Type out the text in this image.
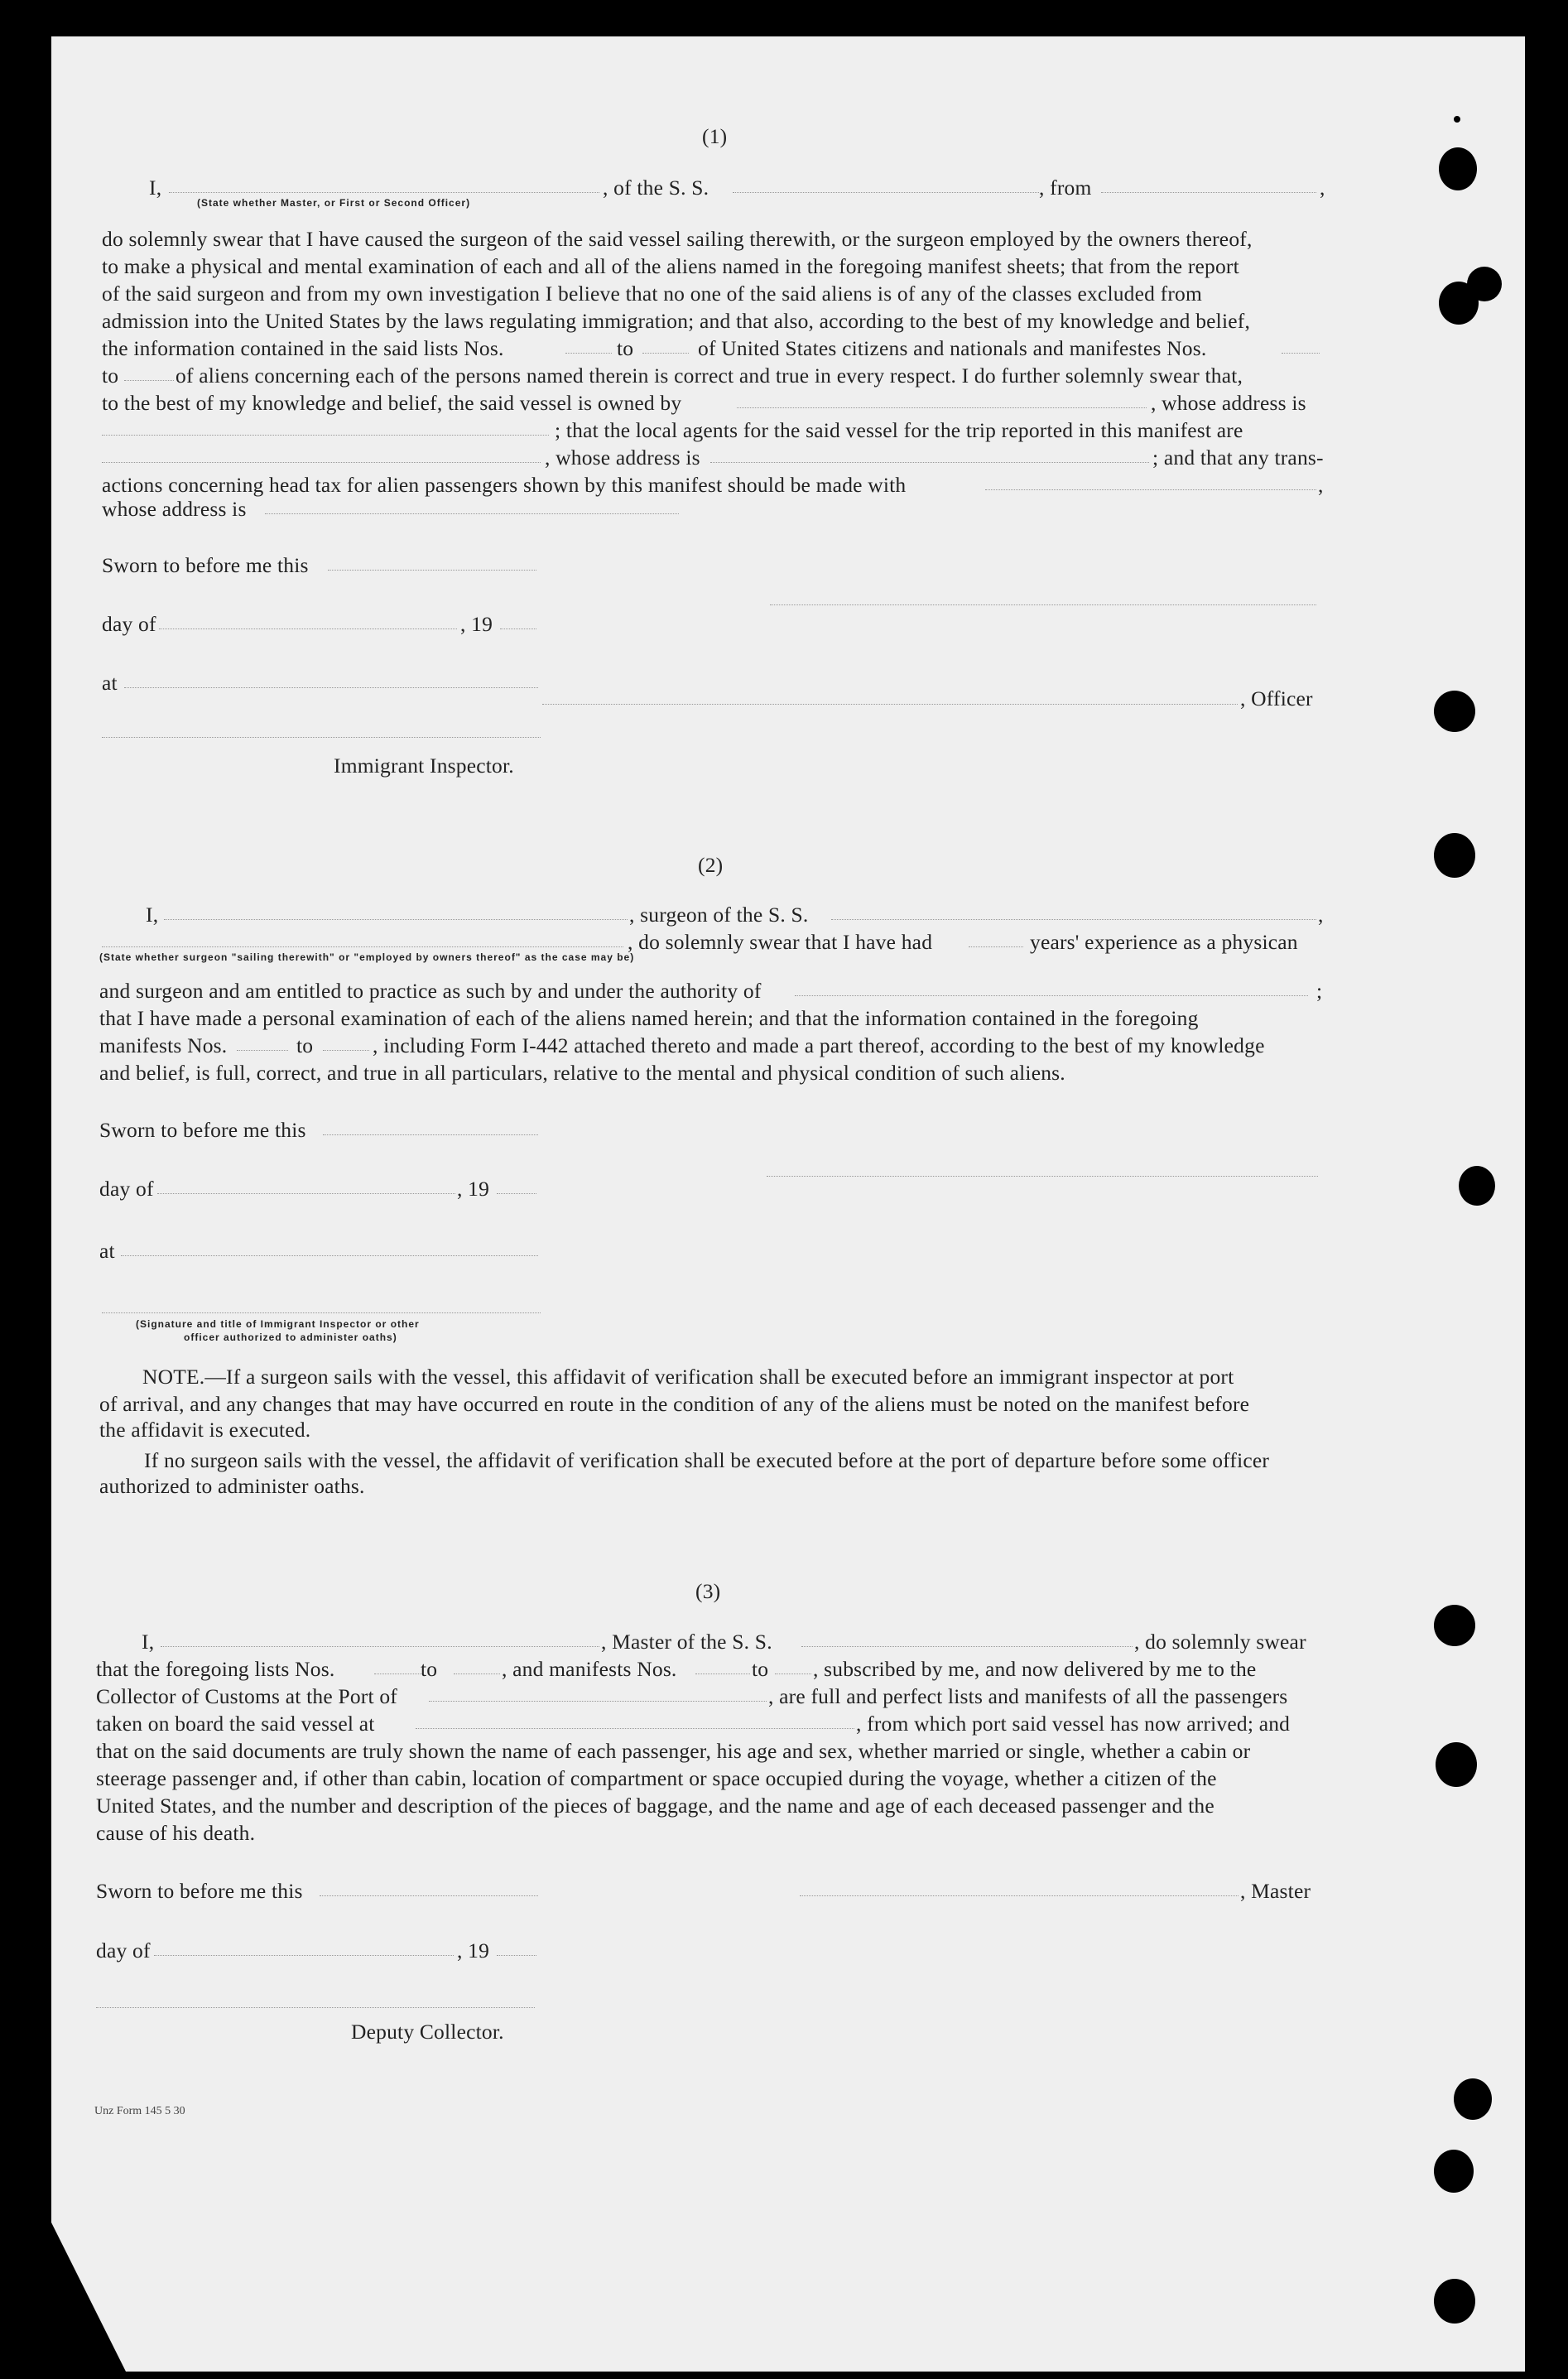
(1)
I,	, of the S. S.	, from	,
(State whether Master, or First or Second Officer)
do solemnly swear that I have caused the surgeon of the said vessel sailing therewith, or the surgeon employed by the owners thereof,
to make a physical and mental examination of each and all of the aliens named in the foregoing manifest sheets; that from the report
of the said surgeon and from my own investigation I believe that no one of the said aliens is of any of the classes excluded from
admission into the United States by the laws regulating immigration; and that also, according to the best of my knowledge and belief,
the information contained in the said lists Nos.	to	of United States citizens and nationals and manifestes Nos.
to	of aliens concerning each of the persons named therein is correct and true in every respect. I do further solemnly swear that,
to the best of my knowledge and belief, the said vessel is owned by	, whose address is
; that the local agents for the said vessel for the trip reported in this manifest are
, whose address is	; and that any trans-
actions concerning head tax for alien passengers shown by this manifest should be made with	,
whose address is
Sworn to before me this
day of	, 19
at
, Officer
Immigrant Inspector.
(2)
I,	, surgeon of the S. S.	,
, do solemnly swear that I have had	years' experience as a physican
(State whether surgeon "sailing therewith" or "employed by owners thereof" as the case may be)
and surgeon and am entitled to practice as such by and under the authority of	;
that I have made a personal examination of each of the aliens named herein; and that the information contained in the foregoing
manifests Nos.	to	, including Form I-442 attached thereto and made a part thereof, according to the best of my knowledge
and belief, is full, correct, and true in all particulars, relative to the mental and physical condition of such aliens.
Sworn to before me this
day of	, 19
at
(Signature and title of Immigrant Inspector or other
officer authorized to administer oaths)
NOTE.—If a surgeon sails with the vessel, this affidavit of verification shall be executed before an immigrant inspector at port
of arrival, and any changes that may have occurred en route in the condition of any of the aliens must be noted on the manifest before
the affidavit is executed.
If no surgeon sails with the vessel, the affidavit of verification shall be executed before at the port of departure before some officer
authorized to administer oaths.
(3)
I,	, Master of the S. S.	, do solemnly swear
that the foregoing lists Nos.	to	, and manifests Nos.	to , subscribed by me, and now delivered by me to the
Collector of Customs at the Port of	, are full and perfect lists and manifests of all the passengers
taken on board the said vessel at	, from which port said vessel has now arrived; and
that on the said documents are truly shown the name of each passenger, his age and sex, whether married or single, whether a cabin or
steerage passenger and, if other than cabin, location of compartment or space occupied during the voyage, whether a citizen of the
United States, and the number and description of the pieces of baggage, and the name and age of each deceased passenger and the
cause of his death.
Sworn to before me this	, Master
day of	, 19
Deputy Collector.
Unz Form 145 5 30
